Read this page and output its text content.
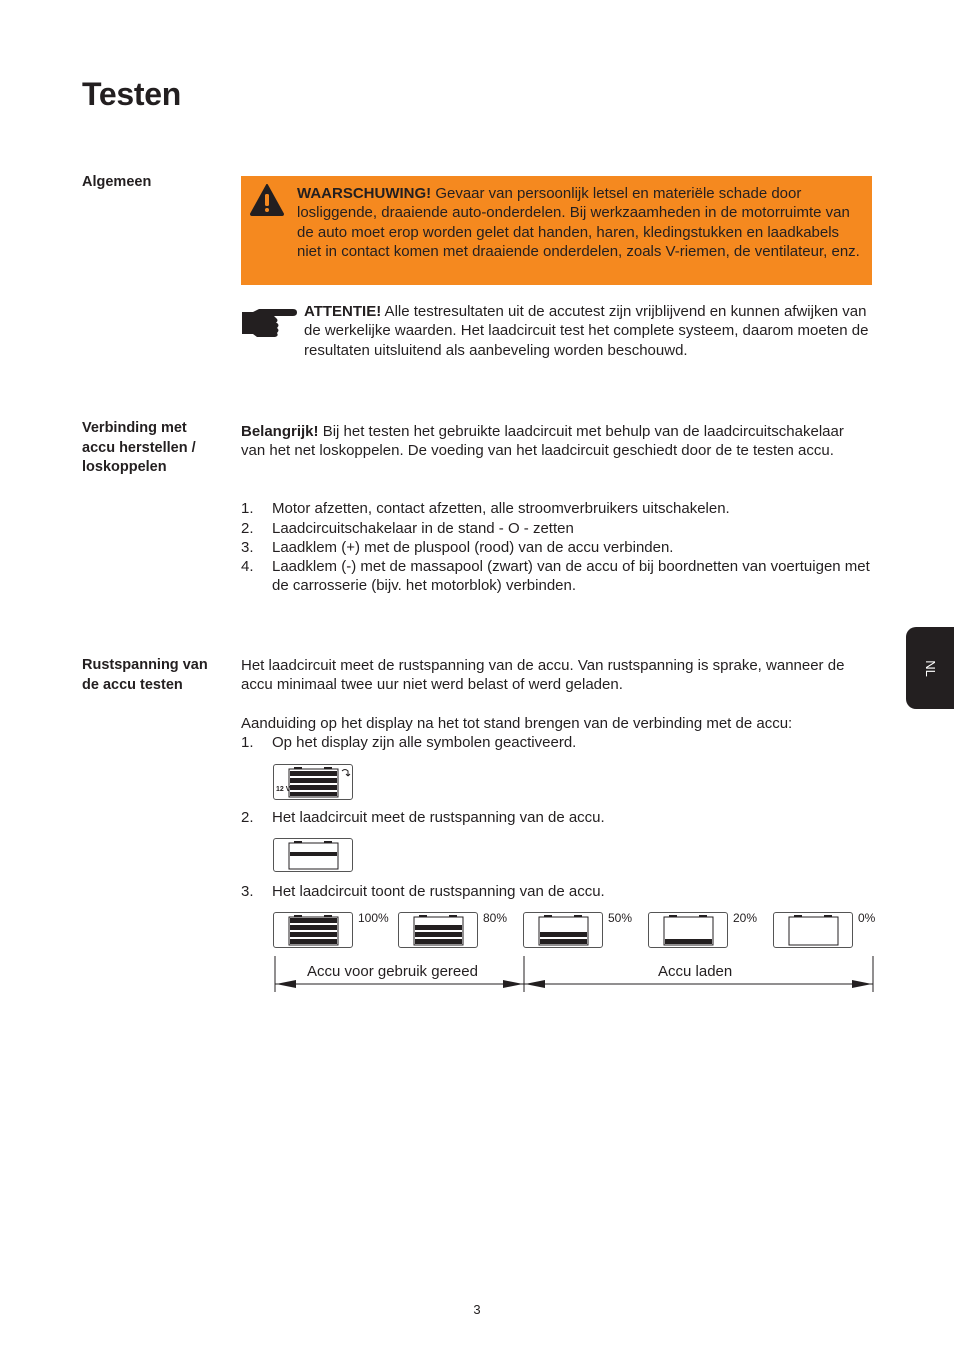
Testen
Algemeen
WAARSCHUWING! Gevaar van persoonlijk letsel en materiële schade door losliggende, draaiende auto-onderdelen. Bij werkzaamheden in de motorruimte van de auto moet erop worden gelet dat handen, haren, kledingstukken en laadkabels niet in contact komen met draaiende onderdelen, zoals V-riemen, de ventilateur, enz.
ATTENTIE! Alle testresultaten uit de accutest zijn vrijblijvend en kunnen afwijken van de werkelijke waarden. Het laadcircuit test het complete systeem, daarom moeten de resultaten uitsluitend als aanbeveling worden beschouwd.
Verbinding met accu herstellen / loskoppelen
Belangrijk! Bij het testen het gebruikte laadcircuit met behulp van de laadcircuitschakelaar van het net loskoppelen. De voeding van het laadcircuit geschiedt door de te testen accu.
1. Motor afzetten, contact afzetten, alle stroomverbruikers uitschakelen.
2. Laadcircuitschakelaar in de stand - O - zetten
3. Laadklem (+) met de pluspool (rood) van de accu verbinden.
4. Laadklem (-) met de massapool (zwart) van de accu of bij boordnetten van voertuigen met de carrosserie (bijv. het motorblok) verbinden.
Rustspanning van de accu testen
Het laadcircuit meet de rustspanning van de accu. Van rustspanning is sprake, wanneer de accu minimaal twee uur niet werd belast of werd geladen.
Aanduiding op het display na het tot stand brengen van de verbinding met de accu:
1. Op het display zijn alle symbolen geactiveerd.
12 V
2. Het laadcircuit meet de rustspanning van de accu.
3. Het laadcircuit toont de rustspanning van de accu.
100%	80%	50%	20%	0%
Accu voor gebruik gereed	Accu laden
NL
3
